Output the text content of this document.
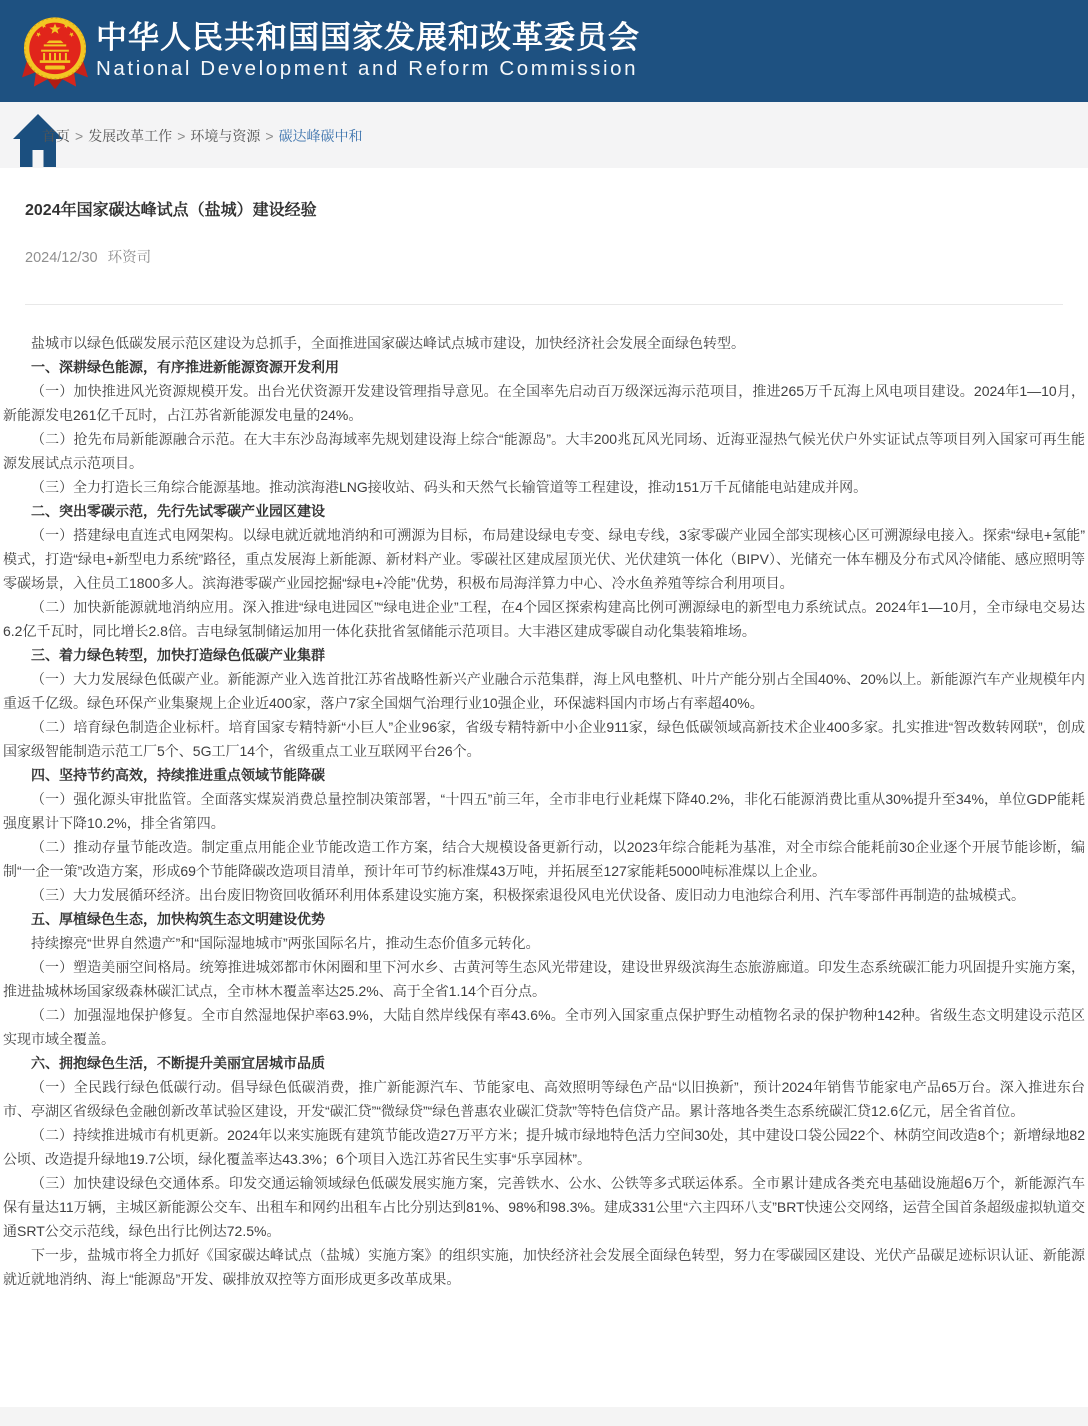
中华人民共和国国家发展和改革委员会
National Development and Reform Commission
首页 > 发展改革工作 > 环境与资源 > 碳达峰碳中和
2024年国家碳达峰试点（盐城）建设经验
2024/12/30 环资司

盐城市以绿色低碳发展示范区建设为总抓手，全面推进国家碳达峰试点城市建设，加快经济社会发展全面绿色转型。

一、深耕绿色能源，有序推进新能源资源开发利用

（一）加快推进风光资源规模开发。出台光伏资源开发建设管理指导意见。在全国率先启动百万级深远海示范项目，推进265万千瓦海上风电项目建设。2024年1—10月，新能源发电261亿千瓦时，占江苏省新能源发电量的24%。

（二）抢先布局新能源融合示范。在大丰东沙岛海域率先规划建设海上综合“能源岛”。大丰200兆瓦风光同场、近海亚湿热气候光伏户外实证试点等项目列入国家可再生能源发展试点示范项目。

（三）全力打造长三角综合能源基地。推动滨海港LNG接收站、码头和天然气长输管道等工程建设，推动151万千瓦储能电站建成并网。

二、突出零碳示范，先行先试零碳产业园区建设

（一）搭建绿电直连式电网架构。以绿电就近就地消纳和可溯源为目标，布局建设绿电专变、绿电专线，3家零碳产业园全部实现核心区可溯源绿电接入。探索“绿电+氢能”模式，打造“绿电+新型电力系统”路径，重点发展海上新能源、新材料产业。零碳社区建成屋顶光伏、光伏建筑一体化（BIPV）、光储充一体车棚及分布式风冷储能、感应照明等零碳场景，入住员工1800多人。滨海港零碳产业园挖掘“绿电+冷能”优势，积极布局海洋算力中心、冷水鱼养殖等综合利用项目。

（二）加快新能源就地消纳应用。深入推进“绿电进园区”“绿电进企业”工程，在4个园区探索构建高比例可溯源绿电的新型电力系统试点。2024年1—10月，全市绿电交易达6.2亿千瓦时，同比增长2.8倍。吉电绿氢制储运加用一体化获批省氢储能示范项目。大丰港区建成零碳自动化集装箱堆场。

三、着力绿色转型，加快打造绿色低碳产业集群

（一）大力发展绿色低碳产业。新能源产业入选首批江苏省战略性新兴产业融合示范集群，海上风电整机、叶片产能分别占全国40%、20%以上。新能源汽车产业规模年内重返千亿级。绿色环保产业集聚规上企业近400家，落户7家全国烟气治理行业10强企业，环保滤料国内市场占有率超40%。

（二）培育绿色制造企业标杆。培育国家专精特新“小巨人”企业96家，省级专精特新中小企业911家，绿色低碳领域高新技术企业400多家。扎实推进“智改数转网联”，创成国家级智能制造示范工厂5个、5G工厂14个，省级重点工业互联网平台26个。

四、坚持节约高效，持续推进重点领域节能降碳

（一）强化源头审批监管。全面落实煤炭消费总量控制决策部署，“十四五”前三年，全市非电行业耗煤下降40.2%，非化石能源消费比重从30%提升至34%，单位GDP能耗强度累计下降10.2%，排全省第四。

（二）推动存量节能改造。制定重点用能企业节能改造工作方案，结合大规模设备更新行动，以2023年综合能耗为基准，对全市综合能耗前30企业逐个开展节能诊断，编制“一企一策”改造方案，形成69个节能降碳改造项目清单，预计年可节约标准煤43万吨，并拓展至127家能耗5000吨标准煤以上企业。

（三）大力发展循环经济。出台废旧物资回收循环利用体系建设实施方案，积极探索退役风电光伏设备、废旧动力电池综合利用、汽车零部件再制造的盐城模式。

五、厚植绿色生态，加快构筑生态文明建设优势

持续擦亮“世界自然遗产”和“国际湿地城市”两张国际名片，推动生态价值多元转化。

（一）塑造美丽空间格局。统筹推进城郊都市休闲圈和里下河水乡、古黄河等生态风光带建设，建设世界级滨海生态旅游廊道。印发生态系统碳汇能力巩固提升实施方案，推进盐城林场国家级森林碳汇试点，全市林木覆盖率达25.2%、高于全省1.14个百分点。

（二）加强湿地保护修复。全市自然湿地保护率63.9%，大陆自然岸线保有率43.6%。全市列入国家重点保护野生动植物名录的保护物种142种。省级生态文明建设示范区实现市域全覆盖。

六、拥抱绿色生活，不断提升美丽宜居城市品质

（一）全民践行绿色低碳行动。倡导绿色低碳消费，推广新能源汽车、节能家电、高效照明等绿色产品“以旧换新”，预计2024年销售节能家电产品65万台。深入推进东台市、亭湖区省级绿色金融创新改革试验区建设，开发“碳汇贷”“微绿贷”“绿色普惠农业碳汇贷款”等特色信贷产品。累计落地各类生态系统碳汇贷12.6亿元，居全省首位。

（二）持续推进城市有机更新。2024年以来实施既有建筑节能改造27万平方米；提升城市绿地特色活力空间30处，其中建设口袋公园22个、林荫空间改造8个；新增绿地82公顷、改造提升绿地19.7公顷，绿化覆盖率达43.3%；6个项目入选江苏省民生实事“乐享园林”。

（三）加快建设绿色交通体系。印发交通运输领域绿色低碳发展实施方案，完善铁水、公水、公铁等多式联运体系。全市累计建成各类充电基础设施超6万个，新能源汽车保有量达11万辆，主城区新能源公交车、出租车和网约出租车占比分别达到81%、98%和98.3%。建成331公里“六主四环八支”BRT快速公交网络，运营全国首条超级虚拟轨道交通SRT公交示范线，绿色出行比例达72.5%。

下一步，盐城市将全力抓好《国家碳达峰试点（盐城）实施方案》的组织实施，加快经济社会发展全面绿色转型，努力在零碳园区建设、光伏产品碳足迹标识认证、新能源就近就地消纳、海上“能源岛”开发、碳排放双控等方面形成更多改革成果。
